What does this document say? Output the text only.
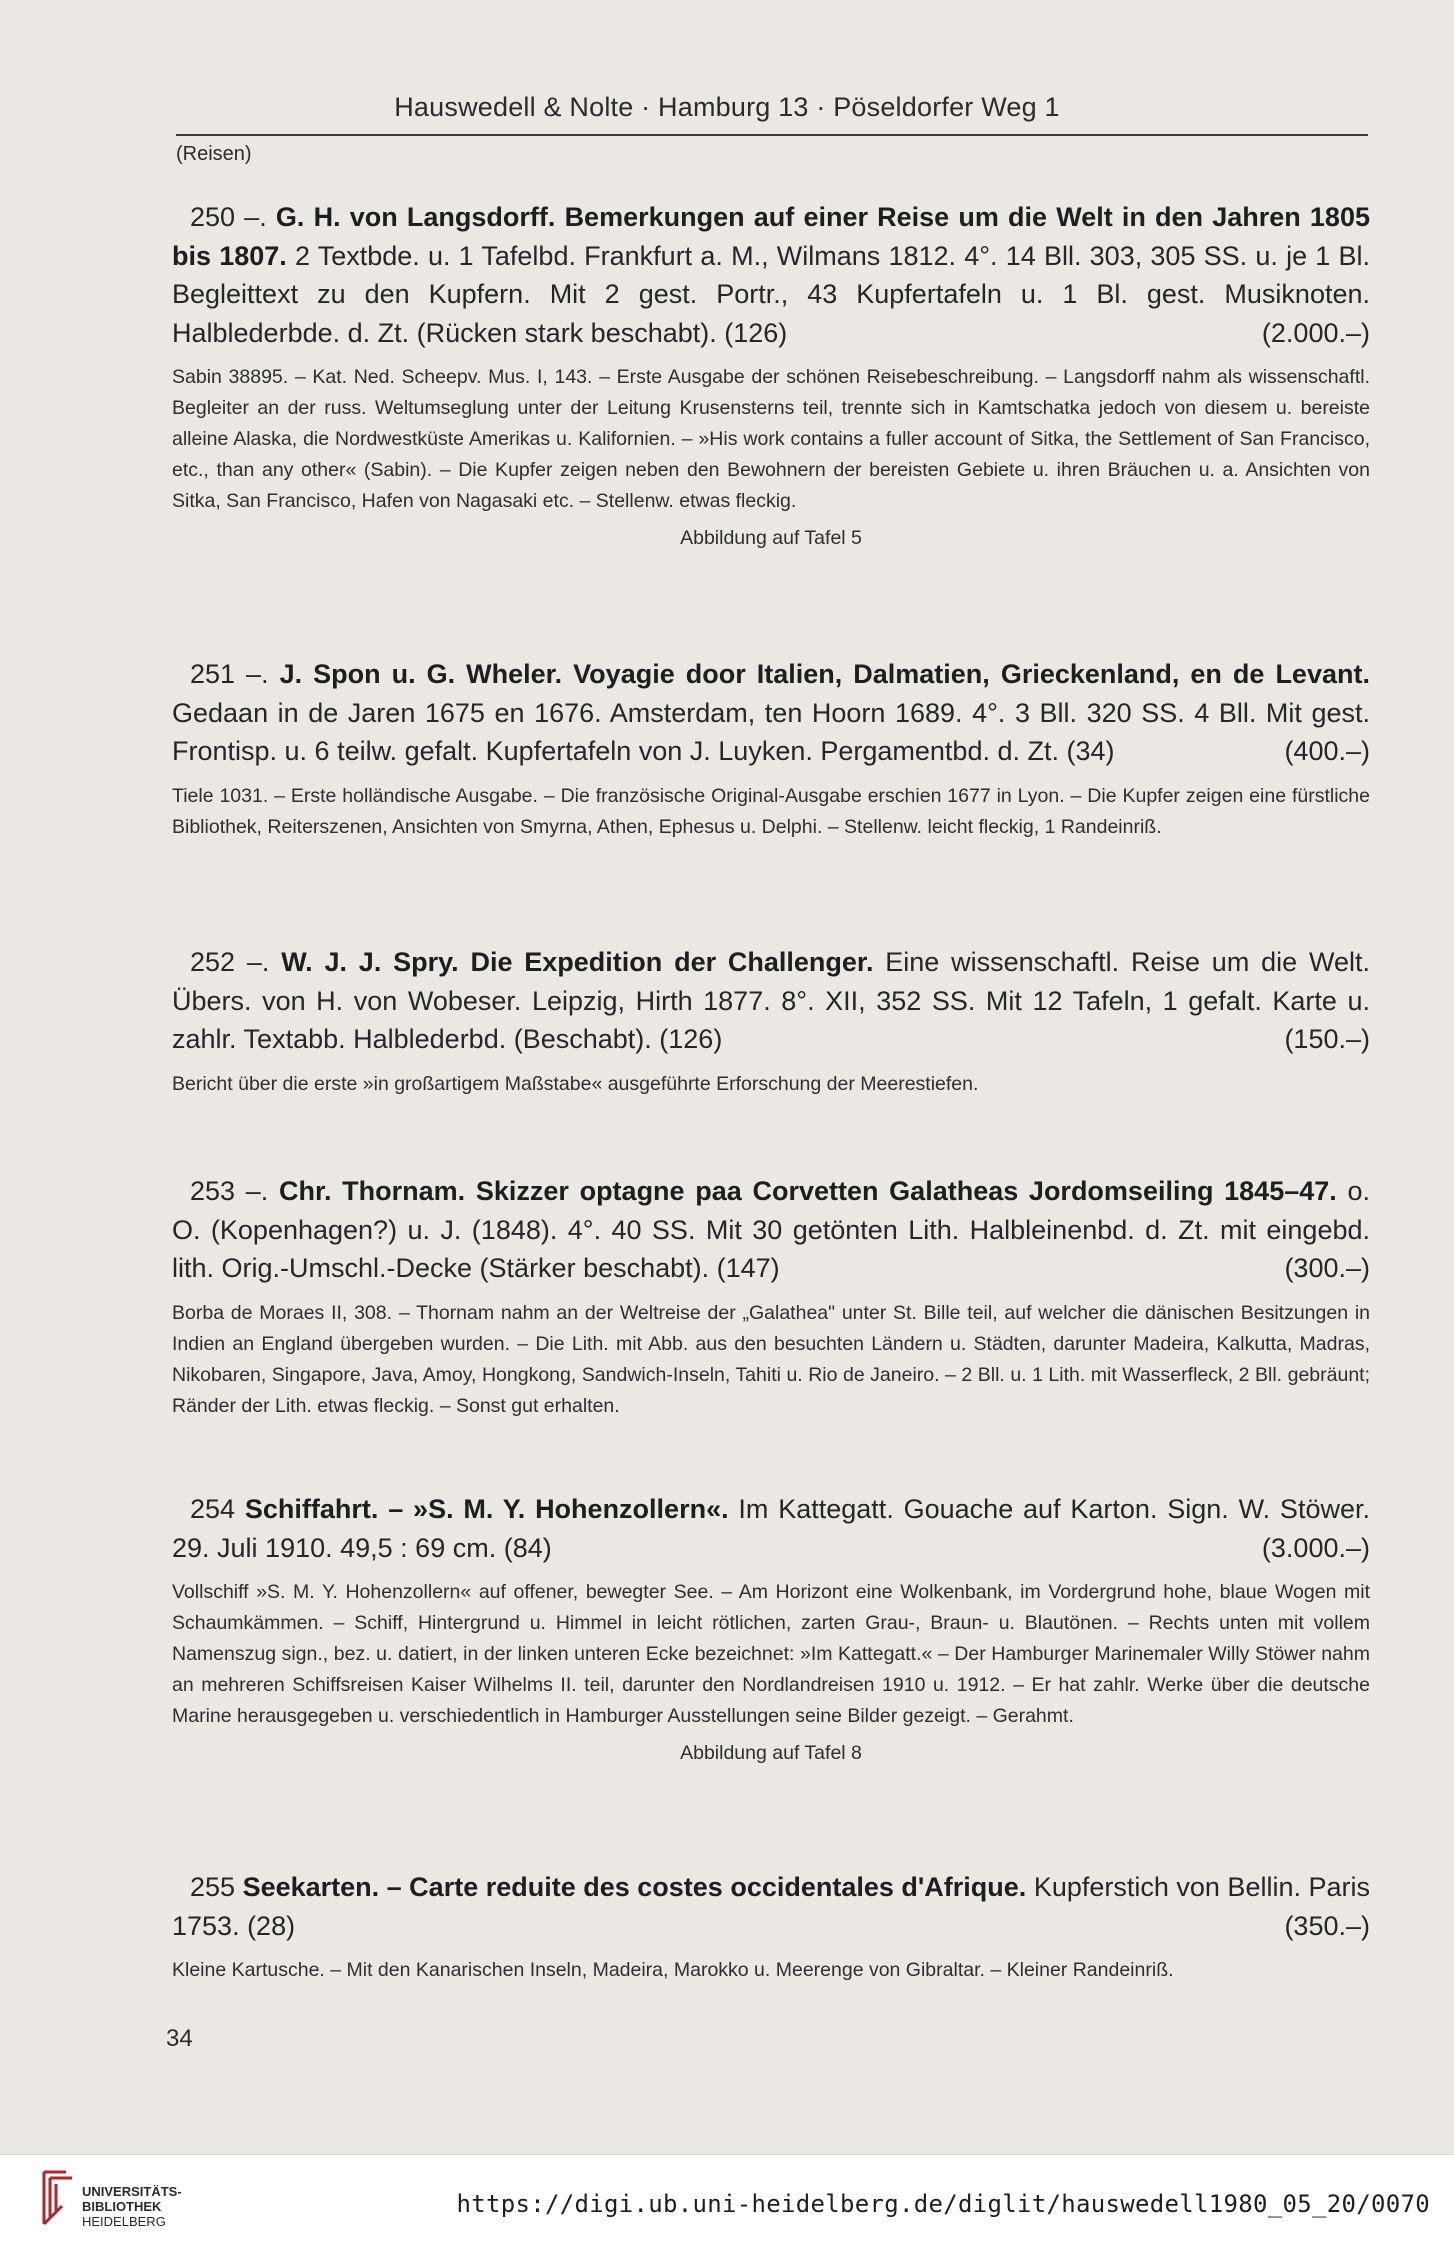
Hauswedell & Nolte · Hamburg 13 · Pöseldorfer Weg 1
(Reisen)
250 –. G. H. von Langsdorff. Bemerkungen auf einer Reise um die Welt in den Jahren 1805 bis 1807. 2 Textbde. u. 1 Tafelbd. Frankfurt a. M., Wilmans 1812. 4°. 14 Bll. 303, 305 SS. u. je 1 Bl. Begleittext zu den Kupfern. Mit 2 gest. Portr., 43 Kupfertafeln u. 1 Bl. gest. Musiknoten. Halblederbde. d. Zt. (Rücken stark beschabt). (126)	(2.000.–)
Sabin 38895. – Kat. Ned. Scheepv. Mus. I, 143. – Erste Ausgabe der schönen Reisebeschreibung. – Langsdorff nahm als wissenschaftl. Begleiter an der russ. Weltumseglung unter der Leitung Krusensterns teil, trennte sich in Kamtschatka jedoch von diesem u. bereiste alleine Alaska, die Nordwestküste Amerikas u. Kalifornien. – »His work contains a fuller account of Sitka, the Settlement of San Francisco, etc., than any other« (Sabin). – Die Kupfer zeigen neben den Bewohnern der bereisten Gebiete u. ihren Bräuchen u. a. Ansichten von Sitka, San Francisco, Hafen von Nagasaki etc. – Stellenw. etwas fleckig.
Abbildung auf Tafel 5
251 –. J. Spon u. G. Wheler. Voyagie door Italien, Dalmatien, Grieckenland, en de Levant. Gedaan in de Jaren 1675 en 1676. Amsterdam, ten Hoorn 1689. 4°. 3 Bll. 320 SS. 4 Bll. Mit gest. Frontisp. u. 6 teilw. gefalt. Kupfertafeln von J. Luyken. Pergamentbd. d. Zt. (34)	(400.–)
Tiele 1031. – Erste holländische Ausgabe. – Die französische Original-Ausgabe erschien 1677 in Lyon. – Die Kupfer zeigen eine fürstliche Bibliothek, Reiterszenen, Ansichten von Smyrna, Athen, Ephesus u. Delphi. – Stellenw. leicht fleckig, 1 Randeinriß.
252 –. W. J. J. Spry. Die Expedition der Challenger. Eine wissenschaftl. Reise um die Welt. Übers. von H. von Wobeser. Leipzig, Hirth 1877. 8°. XII, 352 SS. Mit 12 Tafeln, 1 gefalt. Karte u. zahlr. Textabb. Halblederbd. (Beschabt). (126)	(150.–)
Bericht über die erste »in großartigem Maßstabe« ausgeführte Erforschung der Meerestiefen.
253 –. Chr. Thornam. Skizzer optagne paa Corvetten Galatheas Jordomseiling 1845–47. o. O. (Kopenhagen?) u. J. (1848). 4°. 40 SS. Mit 30 getönten Lith. Halbleinenbd. d. Zt. mit eingebd. lith. Orig.-Umschl.-Decke (Stärker beschabt). (147)	(300.–)
Borba de Moraes II, 308. – Thornam nahm an der Weltreise der „Galathea" unter St. Bille teil, auf welcher die dänischen Besitzungen in Indien an England übergeben wurden. – Die Lith. mit Abb. aus den besuchten Ländern u. Städten, darunter Madeira, Kalkutta, Madras, Nikobaren, Singapore, Java, Amoy, Hongkong, Sandwich-Inseln, Tahiti u. Rio de Janeiro. – 2 Bll. u. 1 Lith. mit Wasserfleck, 2 Bll. gebräunt; Ränder der Lith. etwas fleckig. – Sonst gut erhalten.
254 Schiffahrt. – »S. M. Y. Hohenzollern«. Im Kattegatt. Gouache auf Karton. Sign. W. Stöwer. 29. Juli 1910. 49,5 : 69 cm. (84)	(3.000.–)
Vollschiff »S. M. Y. Hohenzollern« auf offener, bewegter See. – Am Horizont eine Wolkenbank, im Vordergrund hohe, blaue Wogen mit Schaumkämmen. – Schiff, Hintergrund u. Himmel in leicht rötlichen, zarten Grau-, Braun- u. Blautönen. – Rechts unten mit vollem Namenszug sign., bez. u. datiert, in der linken unteren Ecke bezeichnet: »Im Kattegatt.« – Der Hamburger Marinemaler Willy Stöwer nahm an mehreren Schiffsreisen Kaiser Wilhelms II. teil, darunter den Nordlandreisen 1910 u. 1912. – Er hat zahlr. Werke über die deutsche Marine herausgegeben u. verschiedentlich in Hamburger Ausstellungen seine Bilder gezeigt. – Gerahmt.
Abbildung auf Tafel 8
255 Seekarten. – Carte reduite des costes occidentales d'Afrique. Kupferstich von Bellin. Paris 1753. (28)	(350.–)
Kleine Kartusche. – Mit den Kanarischen Inseln, Madeira, Marokko u. Meerenge von Gibraltar. – Kleiner Randeinriß.
34
UNIVERSITÄTS-
BIBLIOTHEK
HEIDELBERG
https://digi.ub.uni-heidelberg.de/diglit/hauswedell1980_05_20/0070
